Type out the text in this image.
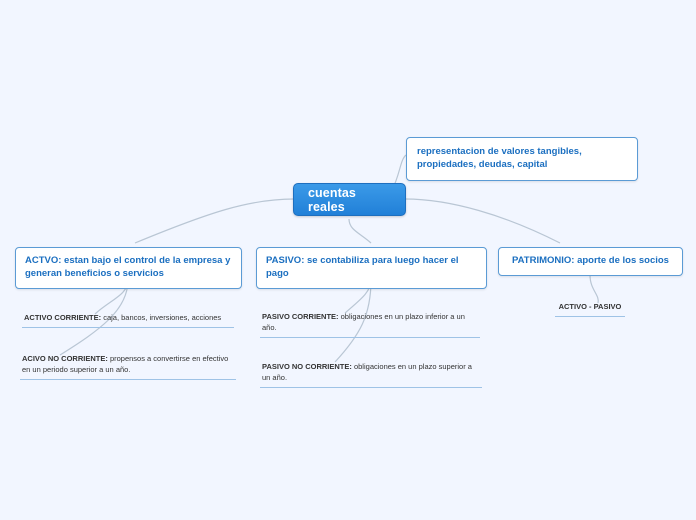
representacion de valores tangibles, propiedades, deudas, capital
cuentas reales
ACTVO: estan bajo el control de la empresa y generan beneficios o servicios
ACTIVO CORRIENTE: caja, bancos, inversiones, acciones
ACIVO NO CORRIENTE: propensos a convertirse en efectivo en un periodo superior a un año.
PASIVO: se contabiliza para luego hacer el pago
PASIVO CORRIENTE: obligaciones en un plazo inferior a un año.
PASIVO NO CORRIENTE: obligaciones en un plazo superior a un año.
PATRIMONIO: aporte de los socios
ACTIVO - PASIVO
